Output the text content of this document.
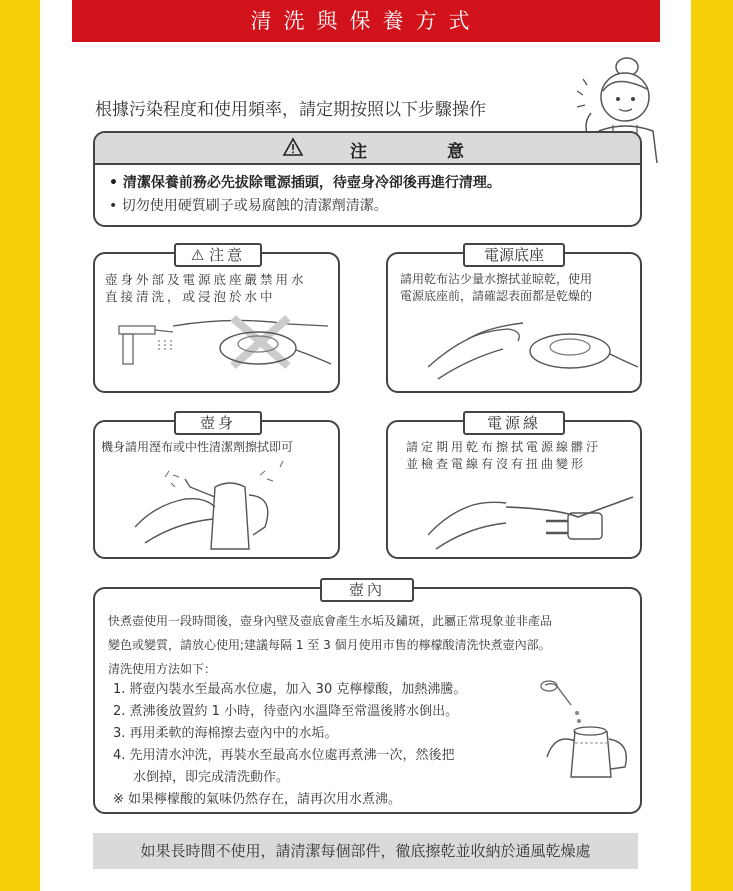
清洗與保養方式
根據污染程度和使用頻率，請定期按照以下步驟操作
注意
• 清潔保養前務必先拔除電源插頭，待壺身冷卻後再進行清理。
• 切勿使用硬質刷子或易腐蝕的清潔劑清潔。
⚠ 注意
壺身外部及電源底座嚴禁用水
直接清洗，或浸泡於水中
電源底座
請用乾布沾少量水擦拭並晾乾，使用
電源底座前，請確認表面都是乾燥的
壺身
機身請用溼布或中性清潔劑擦拭即可
電源線
請定期用乾布擦拭電源線髒汙
並檢查電線有沒有扭曲變形
壺內
快煮壺使用一段時間後，壺身內壁及壺底會產生水垢及鏽斑，此屬正常現象並非產品
變色或變質，請放心使用;建議每隔 1 至 3 個月使用市售的檸檬酸清洗快煮壺內部。
清洗使用方法如下：
1. 將壺內裝水至最高水位處，加入 30 克檸檬酸，加熱沸騰。
2. 煮沸後放置約 1 小時，待壺內水溫降至常溫後將水倒出。
3. 再用柔軟的海棉擦去壺內中的水垢。
4. 先用清水沖洗，再裝水至最高水位處再煮沸一次，然後把
水倒掉，即完成清洗動作。
※ 如果檸檬酸的氣味仍然存在，請再次用水煮沸。
如果長時間不使用，請清潔每個部件，徹底擦乾並收納於通風乾燥處
